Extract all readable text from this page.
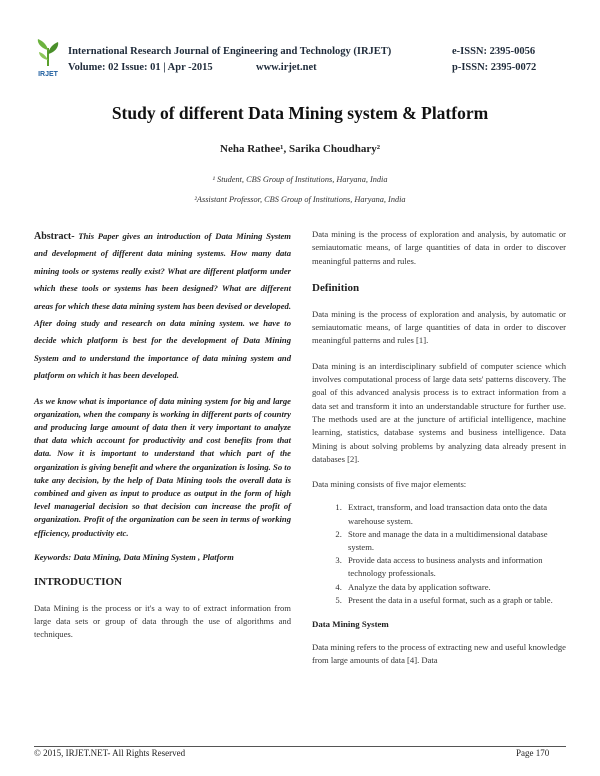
IRJET
International Research Journal of Engineering and Technology (IRJET)
Volume: 02 Issue: 01 | Apr -2015	www.irjet.net
e-ISSN: 2395-0056
p-ISSN: 2395-0072
Study of different Data Mining system & Platform
Neha Rathee¹, Sarika Choudhary²
¹ Student, CBS Group of Institutions, Haryana, India
²Assistant Professor, CBS Group of Institutions, Haryana, India

Abstract- This Paper gives an introduction of Data Mining System and development of different data mining systems. How many data mining tools or systems really exist? What are different platform under which these tools or systems has been designed? What are different areas for which these data mining system has been devised or developed. After doing study and research on data mining system. we have to decide which platform is best for the development of Data Mining System and to understand the importance of data mining system and platform on which it has been developed.

As we know what is importance of data mining system for big and large organization, when the company is working in different parts of country and producing large amount of data then it very important to analyze that data which account for productivity and cost benefits from that data. Now it is important to understand that which part of the organization is giving benefit and where the organization is losing. So to take any decision, by the help of Data Mining tools the overall data is combined and given as input to produce as output in the form of high level managerial decision so that decision can increase the profit of organization. Profit of the organization can be seen in terms of working efficiency, productivity etc.

Keywords: Data Mining, Data Mining System , Platform

INTRODUCTION

Data Mining is the process or it's a way to of extract information from large data sets or group of data through the use of algorithms and techniques.

Data mining is the process of exploration and analysis, by automatic or semiautomatic means, of large quantities of data in order to discover meaningful patterns and rules.

Definition

Data mining is the process of exploration and analysis, by automatic or semiautomatic means, of large quantities of data in order to discover meaningful patterns and rules [1].

Data mining is an interdisciplinary subfield of computer science which involves computational process of large data sets' patterns discovery. The goal of this advanced analysis process is to extract information from a data set and transform it into an understandable structure for further use. The methods used are at the juncture of artificial intelligence, machine learning, statistics, database systems and business intelligence. Data Mining is about solving problems by analyzing data already present in databases [2].

Data mining consists of five major elements:

1. Extract, transform, and load transaction data onto the data warehouse system.
2. Store and manage the data in a multidimensional database system.
3. Provide data access to business analysts and information technology professionals.
4. Analyze the data by application software.
5. Present the data in a useful format, such as a graph or table.
Data Mining System

Data mining refers to the process of extracting new and useful knowledge from large amounts of data [4]. Data

© 2015, IRJET.NET- All Rights Reserved	Page 170
